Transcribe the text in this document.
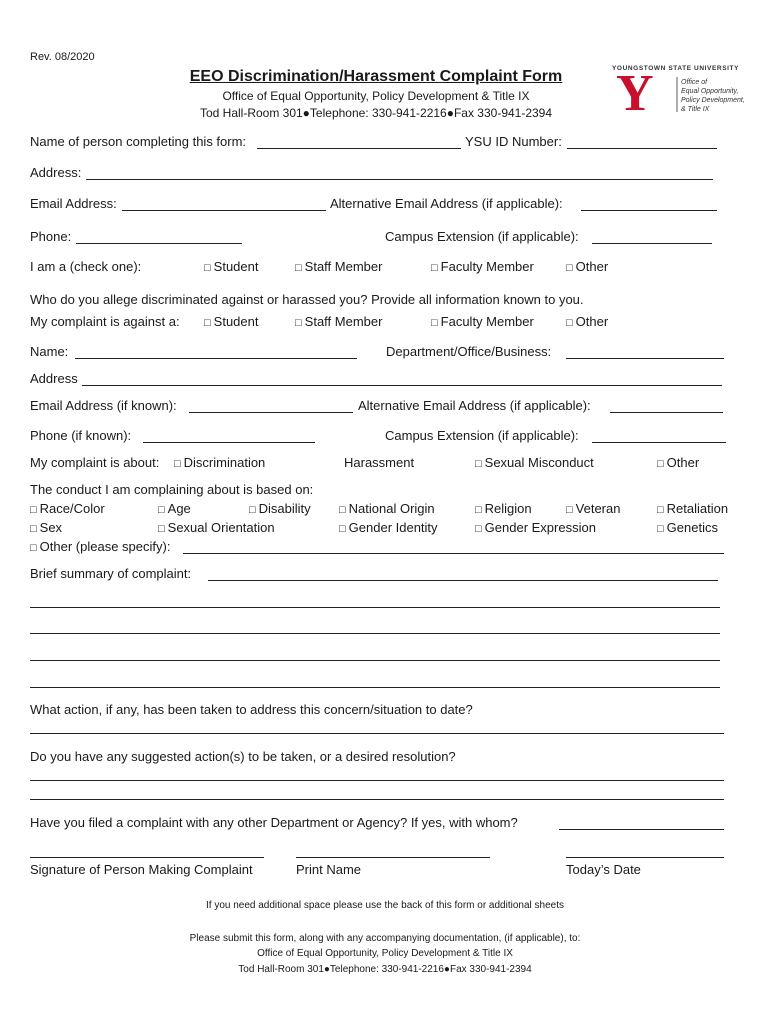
Rev. 08/2020
EEO Discrimination/Harassment Complaint Form
Office of Equal Opportunity, Policy Development & Title IX
Tod Hall-Room 301●Telephone: 330-941-2216●Fax 330-941-2394
YOUNGSTOWN STATE UNIVERSITY
Y	Office of
Equal Opportunity,
Policy Development,
& Title IX
Name of person completing this form:	YSU ID Number:
Address:
Email Address:	Alternative Email Address (if applicable):
Phone:	Campus Extension (if applicable):
I am a (check one):	□ Student	□ Staff Member	□ Faculty Member	□ Other
Who do you allege discriminated against or harassed you? Provide all information known to you.
My complaint is against a: □ Student	□ Staff Member	□ Faculty Member	□ Other
Name:	Department/Office/Business:
Address
Email Address (if known):	Alternative Email Address (if applicable):
Phone (if known):	Campus Extension (if applicable):
My complaint is about: □ Discrimination	Harassment	□ Sexual Misconduct	□ Other
The conduct I am complaining about is based on:
□ Race/Color	□ Age	□ Disability	□ National Origin	□ Religion	□ Veteran	□ Retaliation
□ Sex	□ Sexual Orientation	□ Gender Identity	□ Gender Expression	□ Genetics
□ Other (please specify):
Brief summary of complaint:
What action, if any, has been taken to address this concern/situation to date?
Do you have any suggested action(s) to be taken, or a desired resolution?
Have you filed a complaint with any other Department or Agency? If yes, with whom?
Signature of Person Making Complaint	Print Name	Today’s Date
If you need additional space please use the back of this form or additional sheets
Please submit this form, along with any accompanying documentation, (if applicable), to:
Office of Equal Opportunity, Policy Development & Title IX
Tod Hall-Room 301●Telephone: 330-941-2216●Fax 330-941-2394
